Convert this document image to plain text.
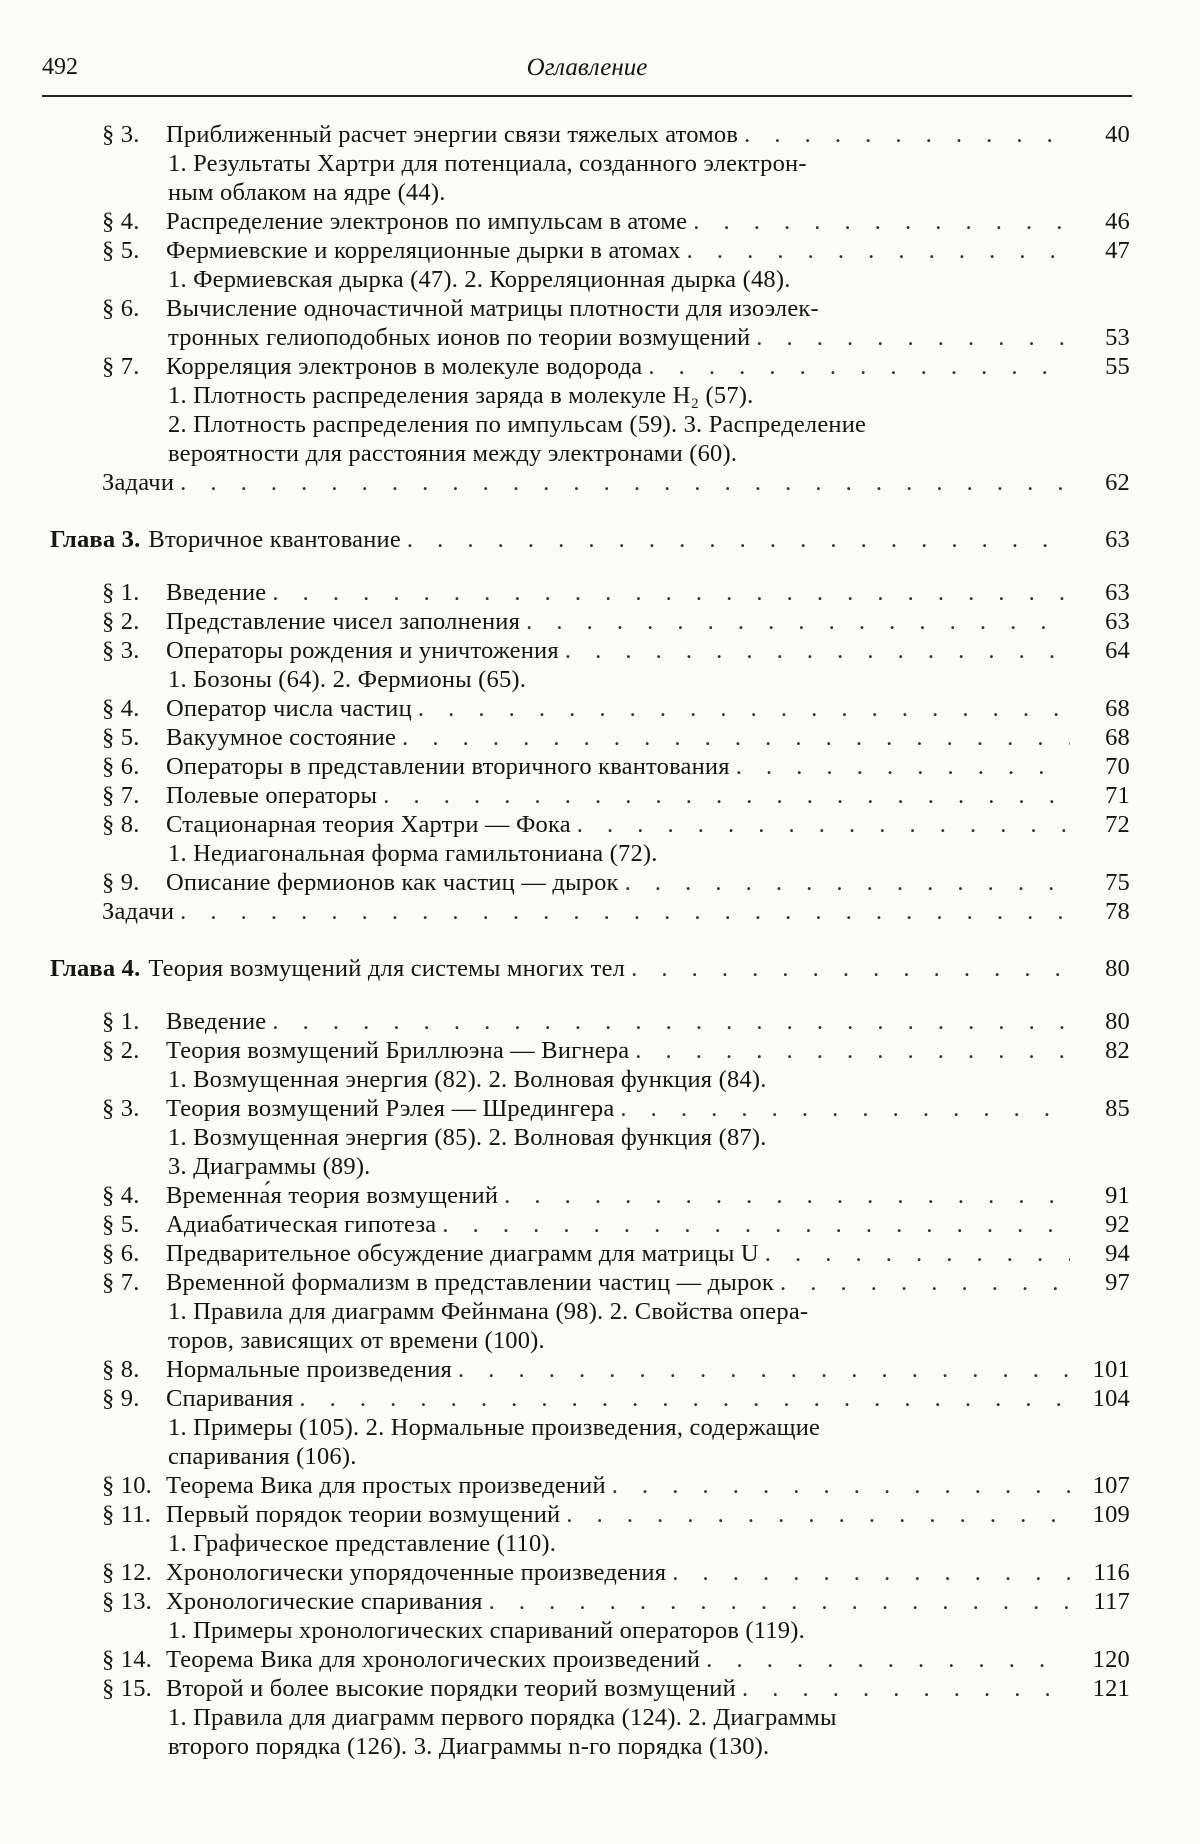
492	Оглавление
§ 3.	Приближенный расчет энергии связи тяжелых атомов . . .	40
1. Результаты Хартри для потенциала, созданного электрон-
ным облаком на ядре (44).
§ 4.	Распределение электронов по импульсам в атоме . . .	46
§ 5.	Фермиевские и корреляционные дырки в атомах . . .	47
1. Фермиевская дырка (47). 2. Корреляционная дырка (48).
§ 6.	Вычисление одночастичной матрицы плотности для изоэлек-
тронных гелиоподобных ионов по теории возмущений . . .	53
§ 7.	Корреляция электронов в молекуле водорода . . .	55
1. Плотность распределения заряда в молекуле H₂ (57).
2. Плотность распределения по импульсам (59). 3. Распределение
вероятности для расстояния между электронами (60).
Задачи . . .	62
Глава 3. Вторичное квантование . . .	63
§ 1.	Введение . . .	63
§ 2.	Представление чисел заполнения . . .	63
§ 3.	Операторы рождения и уничтожения . . .	64
1. Бозоны (64). 2. Фермионы (65).
§ 4.	Оператор числа частиц . . .	68
§ 5.	Вакуумное состояние . . .	68
§ 6.	Операторы в представлении вторичного квантования . . .	70
§ 7.	Полевые операторы . . .	71
§ 8.	Стационарная теория Хартри — Фока . . .	72
1. Недиагональная форма гамильтониана (72).
§ 9.	Описание фермионов как частиц — дырок . . .	75
Задачи . . .	78
Глава 4. Теория возмущений для системы многих тел . . .	80
§ 1.	Введение . . .	80
§ 2.	Теория возмущений Бриллюэна — Вигнера . . .	82
1. Возмущенная энергия (82). 2. Волновая функция (84).
§ 3.	Теория возмущений Рэлея — Шредингера . . .	85
1. Возмущенная энергия (85). 2. Волновая функция (87).
3. Диаграммы (89).
§ 4.	Временна́я теория возмущений . . .	91
§ 5.	Адиабатическая гипотеза . . .	92
§ 6.	Предварительное обсуждение диаграмм для матрицы U . . .	94
§ 7.	Временной формализм в представлении частиц — дырок . . .	97
1. Правила для диаграмм Фейнмана (98). 2. Свойства опера-
торов, зависящих от времени (100).
§ 8.	Нормальные произведения . . .	101
§ 9.	Спаривания . . .	104
1. Примеры (105). 2. Нормальные произведения, содержащие
спаривания (106).
§ 10. Теорема Вика для простых произведений . . .	107
§ 11. Первый порядок теории возмущений . . .	109
1. Графическое представление (110).
§ 12. Хронологически упорядоченные произведения . . .	116
§ 13. Хронологические спаривания . . .	117
1. Примеры хронологических спариваний операторов (119).
§ 14. Теорема Вика для хронологических произведений . . .	120
§ 15. Второй и более высокие порядки теорий возмущений . . .	121
1. Правила для диаграмм первого порядка (124). 2. Диаграммы
второго порядка (126). 3. Диаграммы n-го порядка (130).
